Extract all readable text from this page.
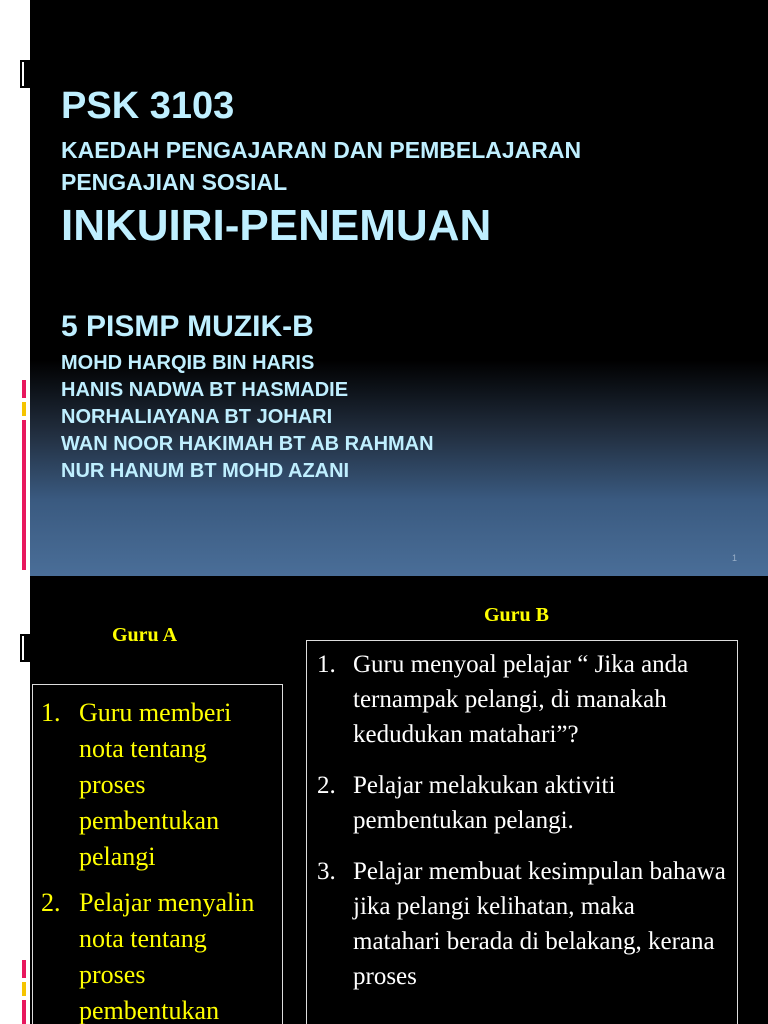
PSK 3103
KAEDAH PENGAJARAN DAN PEMBELAJARAN
PENGAJIAN SOSIAL
INKUIRI-PENEMUAN
5 PISMP MUZIK-B
MOHD HARQIB BIN HARIS
HANIS NADWA BT HASMADIE
NORHALIAYANA BT JOHARI
WAN NOOR HAKIMAH BT AB RAHMAN
NUR HANUM BT MOHD AZANI
1
Guru A
Guru B
1. Guru memberi nota tentang proses pembentukan pelangi
2. Pelajar menyalin nota tentang proses pembentukan
1. Guru menyoal pelajar “ Jika anda ternampak pelangi, di manakah kedudukan matahari”?
2. Pelajar melakukan aktiviti pembentukan pelangi.
3. Pelajar membuat kesimpulan bahawa jika pelangi kelihatan, maka matahari berada di belakang, kerana proses
